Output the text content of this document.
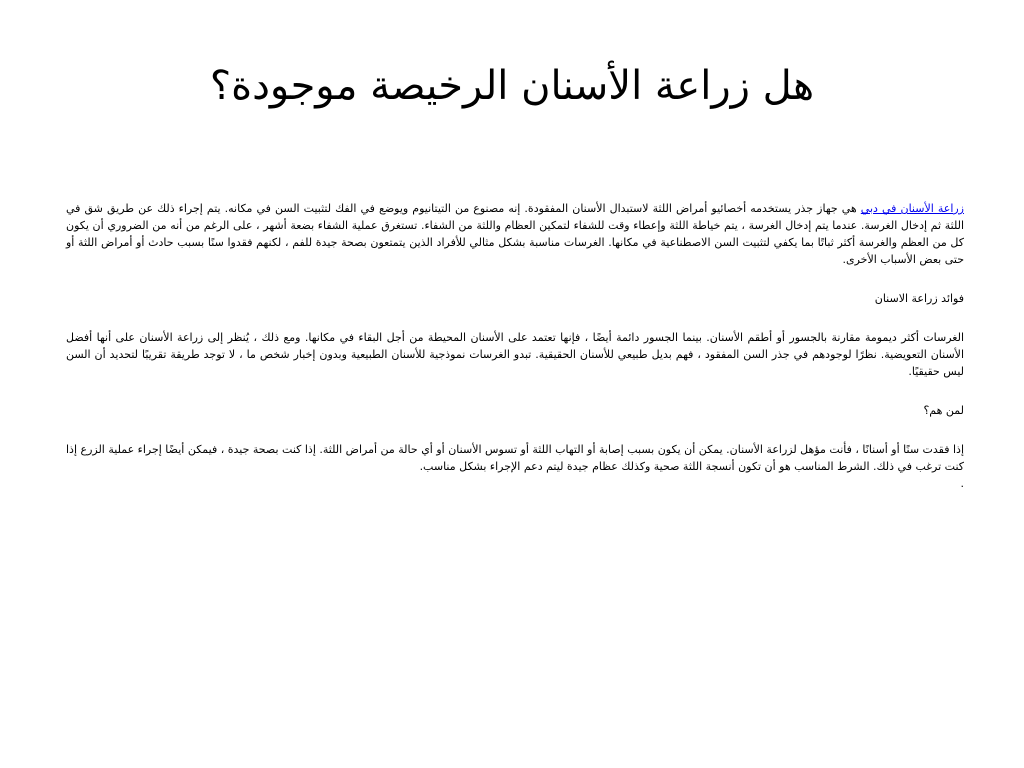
هل زراعة الأسنان الرخيصة موجودة؟

زراعة الأسنان في دبي هي جهاز جذر يستخدمه أخصائيو أمراض اللثة لاستبدال الأسنان المفقودة. إنه مصنوع من التيتانيوم ويوضع في الفك لتثبيت السن في مكانه. يتم إجراء ذلك عن طريق شق في اللثة ثم إدخال الغرسة. عندما يتم إدخال الغرسة ، يتم خياطة اللثة وإعطاء وقت للشفاء لتمكين العظام واللثة من الشفاء. تستغرق عملية الشفاء بضعة أشهر ، على الرغم من أنه من الضروري أن يكون كل من العظم والغرسة أكثر ثباتًا بما يكفي لتثبيت السن الاصطناعية في مكانها. الغرسات مناسبة بشكل مثالي للأفراد الذين يتمتعون بصحة جيدة للفم ، لكنهم فقدوا سنًا بسبب حادث أو أمراض اللثة أو حتى بعض الأسباب الأخرى.

فوائد زراعة الاسنان

الغرسات أكثر ديمومة مقارنة بالجسور أو أطقم الأسنان. بينما الجسور دائمة أيضًا ، فإنها تعتمد على الأسنان المحيطة من أجل البقاء في مكانها. ومع ذلك ، يُنظر إلى زراعة الأسنان على أنها أفضل الأسنان التعويضية. نظرًا لوجودهم في جذر السن المفقود ، فهم بديل طبيعي للأسنان الحقيقية. تبدو الغرسات نموذجية للأسنان الطبيعية وبدون إخبار شخص ما ، لا توجد طريقة تقريبًا لتحديد أن السن ليس حقيقيًا.

لمن هم؟

إذا فقدت سنًا أو أسنانًا ، فأنت مؤهل لزراعة الأسنان. يمكن أن يكون بسبب إصابة أو التهاب اللثة أو تسوس الأسنان أو أي حالة من أمراض اللثة. إذا كنت بصحة جيدة ، فيمكن أيضًا إجراء عملية الزرع إذا كنت ترغب في ذلك. الشرط المناسب هو أن تكون أنسجة اللثة صحية وكذلك عظام جيدة ليتم دعم الإجراء بشكل مناسب.

.
